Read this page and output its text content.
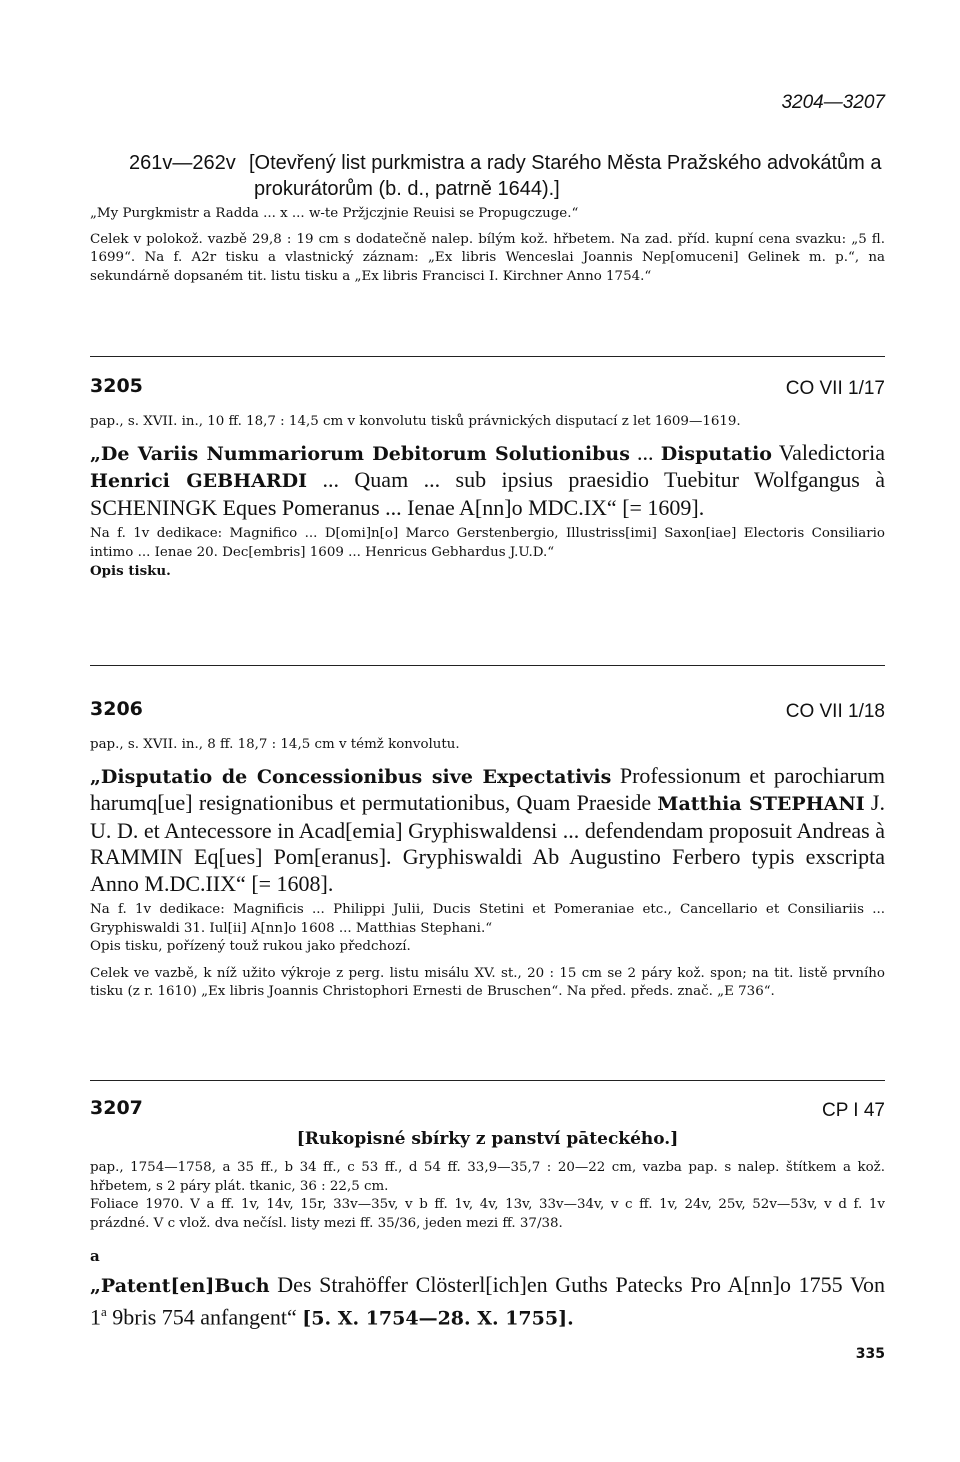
3204—3207
261v—262v [Otevřený list purkmistra a rady Starého Města Pražského advokátům a prokurátorům (b. d., patrně 1644).]

„My Purgkmistr a Radda ... x ... w-te Pržjczjnie Reuisi se Propugczuge.“

Celek v polokož. vazbě 29,8 : 19 cm s dodatečně nalep. bílým kož. hřbetem. Na zad. příd. kupní cena svazku: „5 fl. 1699“. Na f. A2r tisku a vlastnický záznam: „Ex libris Wenceslai Joannis Nep[omuceni] Gelinek m. p.“, na sekundárně dopsaném tit. listu tisku a „Ex libris Francisci I. Kirchner Anno 1754.“

3205	CO VII 1/17

pap., s. XVII. in., 10 ff. 18,7 : 14,5 cm v konvolutu tisků právnických disputací z let 1609—1619.

„De Variis Nummariorum Debitorum Solutionibus ... Disputatio Valedictoria Henrici GEBHARDI ... Quam ... sub ipsius praesidio Tuebitur Wolfgangus à SCHENINGK Eques Pomeranus ... Ienae A[nn]o MDC.IX“ [= 1609].

Na f. 1v dedikace: Magnifico ... D[omi]n[o] Marco Gerstenbergio, Illustriss[imi] Saxon[iae] Electoris Consiliario intimo ... Ienae 20. Dec[embris] 1609 ... Henricus Gebhardus J.U.D.“

Opis tisku.

3206	CO VII 1/18

pap., s. XVII. in., 8 ff. 18,7 : 14,5 cm v témž konvolutu.

„Disputatio de Concessionibus sive Expectativis Professionum et parochiarum harumq[ue] resignationibus et permutationibus, Quam Praeside Matthia STEPHANI J. U. D. et Antecessore in Acad[emia] Gryphiswaldensi ... defendendam proposuit Andreas à RAMMIN Eq[ues] Pom[eranus]. Gryphiswaldi Ab Augustino Ferbero typis exscripta Anno M.DC.IIX“ [= 1608].

Na f. 1v dedikace: Magnificis ... Philippi Julii, Ducis Stetini et Pomeraniae etc., Cancellario et Consiliariis ... Gryphiswaldi 31. Iul[ii] A[nn]o 1608 ... Matthias Stephani.“

Opis tisku, pořízený touž rukou jako předchozí.

Celek ve vazbě, k níž užito výkroje z perg. listu misálu XV. st., 20 : 15 cm se 2 páry kož. spon; na tit. listě prvního tisku (z r. 1610) „Ex libris Joannis Christophori Ernesti de Bruschen“. Na před. předs. znač. „E 736“.

3207	CP I 47

[Rukopisné sbírky z panství pāteckého.]

pap., 1754—1758, a 35 ff., b 34 ff., c 53 ff., d 54 ff. 33,9—35,7 : 20—22 cm, vazba pap. s nalep. štítkem a kož. hřbetem, s 2 páry plát. tkanic, 36 : 22,5 cm.

Foliace 1970. V a ff. 1v, 14v, 15r, 33v—35v, v b ff. 1v, 4v, 13v, 33v—34v, v c ff. 1v, 24v, 25v, 52v—53v, v d f. 1v prázdné. V c vlož. dva nečísl. listy mezi ff. 35/36, jeden mezi ff. 37/38.

a

„Patent[en]Buch Des Strahöffer Clösterl[ich]en Guths Patecks Pro A[nn]o 1755 Von 1$^a$ 9bris 754 anfangent“ [5. X. 1754—28. X. 1755].

335
